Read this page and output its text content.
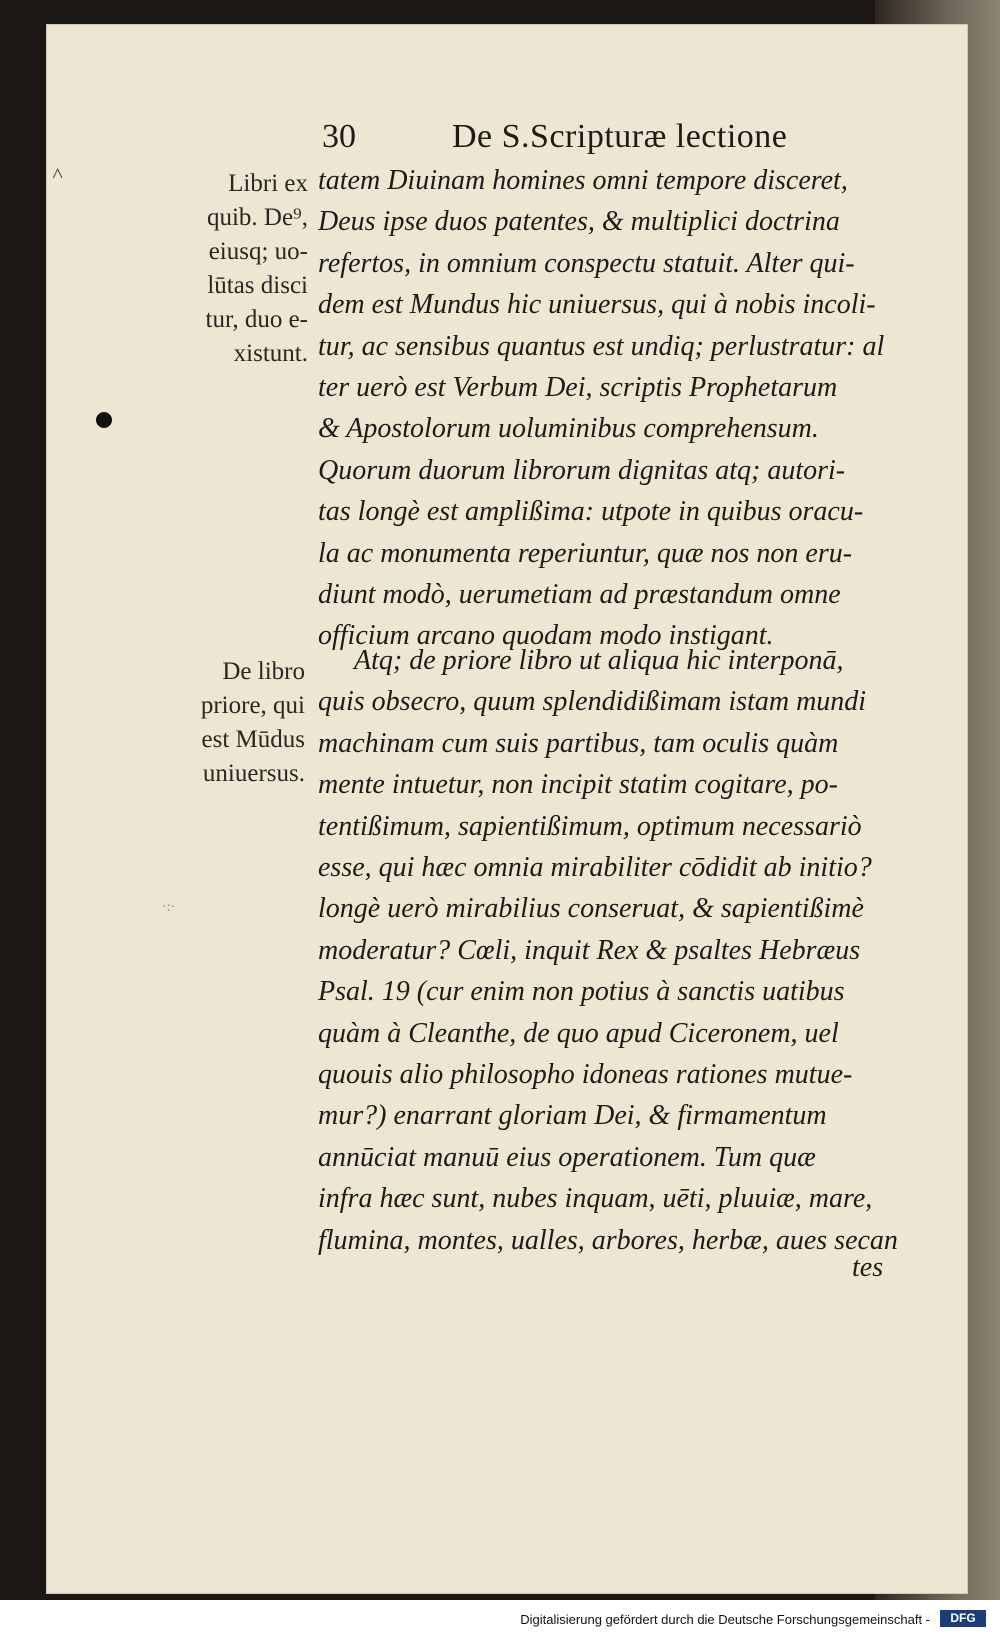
˄
·:·
30	De S.Scripturæ lectione
Libri ex
quib. De⁹,
eiusq; uo-
lūtas disci
tur, duo e-
xistunt.
De libro
priore, qui
est Mūdus
uniuersus.
tatem Diuinam homines omni tempore disceret,
Deus ipse duos patentes, & multiplici doctrina
refertos, in omnium conspectu statuit. Alter qui-
dem est Mundus hic uniuersus, qui à nobis incoli-
tur, ac sensibus quantus est undiq; perlustratur: al
ter uerò est Verbum Dei, scriptis Prophetarum
& Apostolorum uoluminibus comprehensum.
Quorum duorum librorum dignitas atq; autori-
tas longè est amplißima: utpote in quibus oracu-
la ac monumenta reperiuntur, quæ nos non eru-
diunt modò, uerumetiam ad præstandum omne
officium arcano quodam modo instigant.
Atq; de priore libro ut aliqua hic interponā,
quis obsecro, quum splendidißimam istam mundi
machinam cum suis partibus, tam oculis quàm
mente intuetur, non incipit statim cogitare, po-
tentißimum, sapientißimum, optimum necessariò
esse, qui hæc omnia mirabiliter cōdidit ab initio?
longè uerò mirabilius conseruat, & sapientißimè
moderatur? Cœli, inquit Rex & psaltes Hebræus
Psal. 19 (cur enim non potius à sanctis uatibus
quàm à Cleanthe, de quo apud Ciceronem, uel
quouis alio philosopho idoneas rationes mutue-
mur?) enarrant gloriam Dei, & firmamentum
annūciat manuū eius operationem. Tum quæ
infra hæc sunt, nubes inquam, uēti, pluuiæ, mare,
flumina, montes, ualles, arbores, herbæ, aues secan
tes
Digitalisierung gefördert durch die Deutsche Forschungsgemeinschaft -	DFG
